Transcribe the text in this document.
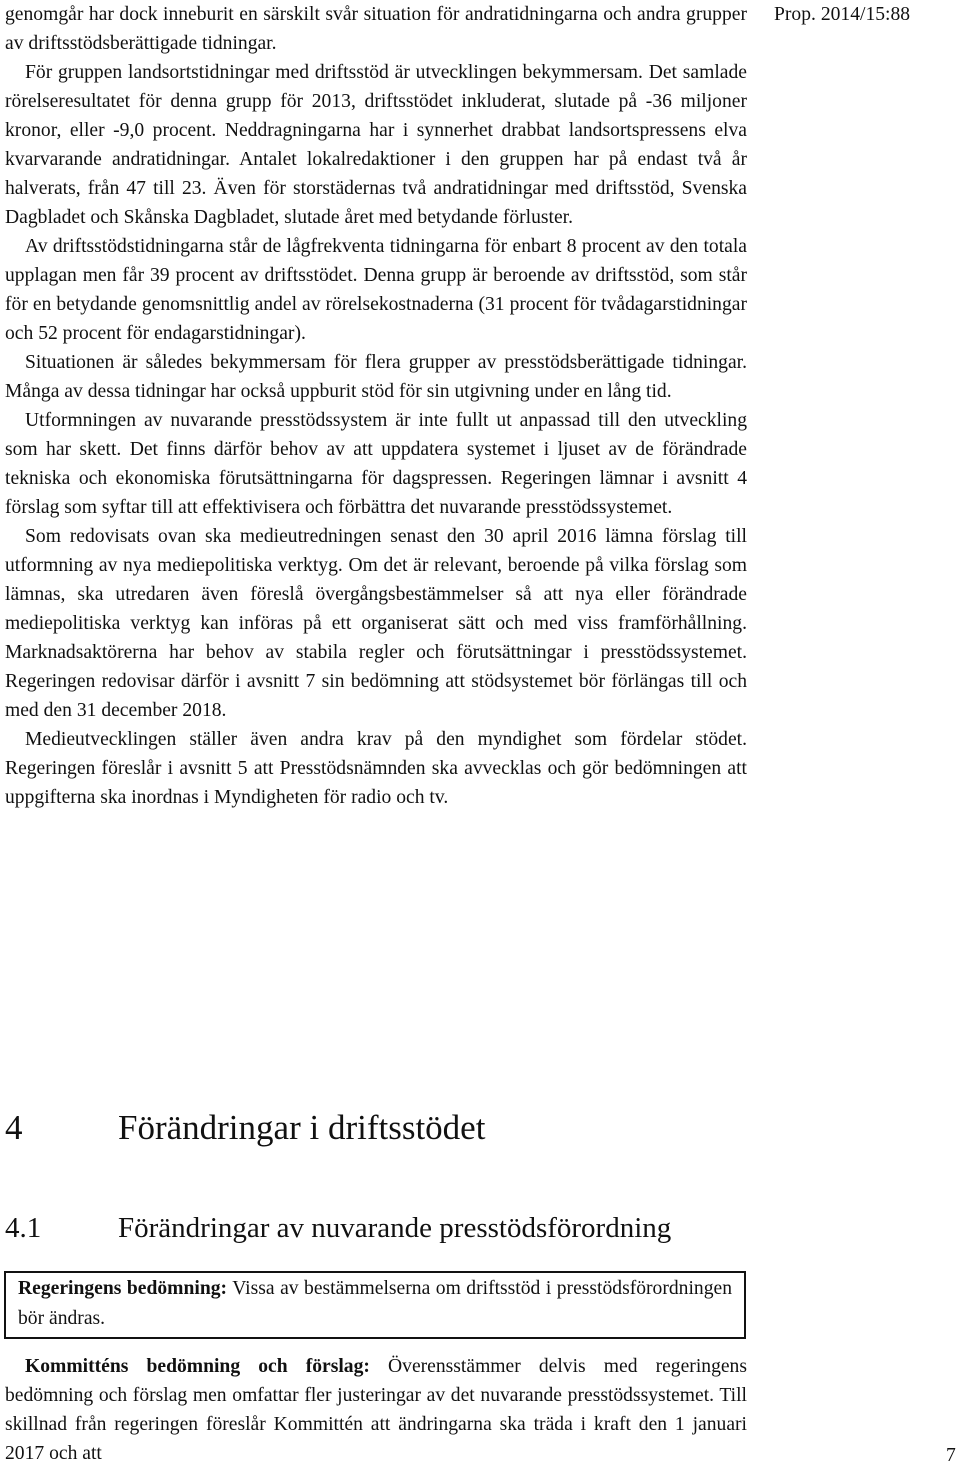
Prop. 2014/15:88

genomgår har dock inneburit en särskilt svår situation för andratidningarna och andra grupper av driftsstödsberättigade tidningar.

För gruppen landsortstidningar med driftsstöd är utvecklingen bekymmersam. Det samlade rörelseresultatet för denna grupp för 2013, driftsstödet inkluderat, slutade på -36 miljoner kronor, eller -9,0 procent. Neddragningarna har i synnerhet drabbat landsortspressens elva kvarvarande andratidningar. Antalet lokalredaktioner i den gruppen har på endast två år halverats, från 47 till 23. Även för storstädernas två andratidningar med driftsstöd, Svenska Dagbladet och Skånska Dagbladet, slutade året med betydande förluster.

Av driftsstödstidningarna står de lågfrekventa tidningarna för enbart 8 procent av den totala upplagan men får 39 procent av driftsstödet. Denna grupp är beroende av driftsstöd, som står för en betydande genomsnittlig andel av rörelsekostnaderna (31 procent för tvådagarstidningar och 52 procent för endagarstidningar).

Situationen är således bekymmersam för flera grupper av presstödsberättigade tidningar. Många av dessa tidningar har också uppburit stöd för sin utgivning under en lång tid.

Utformningen av nuvarande presstödssystem är inte fullt ut anpassad till den utveckling som har skett. Det finns därför behov av att uppdatera systemet i ljuset av de förändrade tekniska och ekonomiska förutsättningarna för dagspressen. Regeringen lämnar i avsnitt 4 förslag som syftar till att effektivisera och förbättra det nuvarande presstödssystemet.

Som redovisats ovan ska medieutredningen senast den 30 april 2016 lämna förslag till utformning av nya mediepolitiska verktyg. Om det är relevant, beroende på vilka förslag som lämnas, ska utredaren även föreslå övergångsbestämmelser så att nya eller förändrade mediepolitiska verktyg kan införas på ett organiserat sätt och med viss framförhållning. Marknadsaktörerna har behov av stabila regler och förutsättningar i presstödssystemet. Regeringen redovisar därför i avsnitt 7 sin bedömning att stödsystemet bör förlängas till och med den 31 december 2018.

Medieutvecklingen ställer även andra krav på den myndighet som fördelar stödet. Regeringen föreslår i avsnitt 5 att Presstödsnämnden ska avvecklas och gör bedömningen att uppgifterna ska inordnas i Myndigheten för radio och tv.

4	Förändringar i driftsstödet
4.1	Förändringar av nuvarande presstödsförordning
Regeringens bedömning: Vissa av bestämmelserna om driftsstöd i presstödsförordningen bör ändras.

Kommitténs bedömning och förslag: Överensstämmer delvis med regeringens bedömning och förslag men omfattar fler justeringar av det nuvarande presstödssystemet. Till skillnad från regeringen föreslår Kommittén att ändringarna ska träda i kraft den 1 januari 2017 och att	7
